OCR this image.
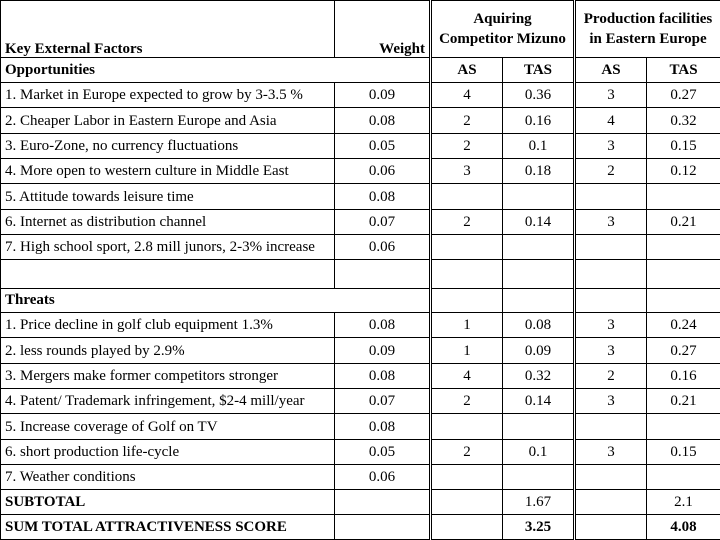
Key External Factors	Weight	Aquiring Competitor Mizuno		Production facilities in Eastern Europe	
Opportunities		AS	TAS	AS	TAS
1. Market in Europe expected to grow by 3-3.5 %	0.09	4	0.36	3	0.27
2. Cheaper Labor in Eastern Europe and Asia	0.08	2	0.16	4	0.32
3. Euro-Zone, no currency fluctuations	0.05	2	0.1	3	0.15
4. More open to western culture in Middle East	0.06	3	0.18	2	0.12
5. Attitude towards leisure time	0.08				
6. Internet as distribution channel	0.07	2	0.14	3	0.21
7. High school sport, 2.8 mill junors, 2-3% increase	0.06				

Threats					
1. Price decline in golf club equipment 1.3%	0.08	1	0.08	3	0.24
2. less rounds played by 2.9%	0.09	1	0.09	3	0.27
3. Mergers make former competitors stronger	0.08	4	0.32	2	0.16
4. Patent/ Trademark infringement, $2-4 mill/year	0.07	2	0.14	3	0.21
5. Increase coverage of Golf on TV	0.08				
6. short production life-cycle	0.05	2	0.1	3	0.15
7. Weather conditions	0.06				
SUBTOTAL			1.67		2.1
SUM TOTAL ATTRACTIVENESS SCORE			3.25		4.08
